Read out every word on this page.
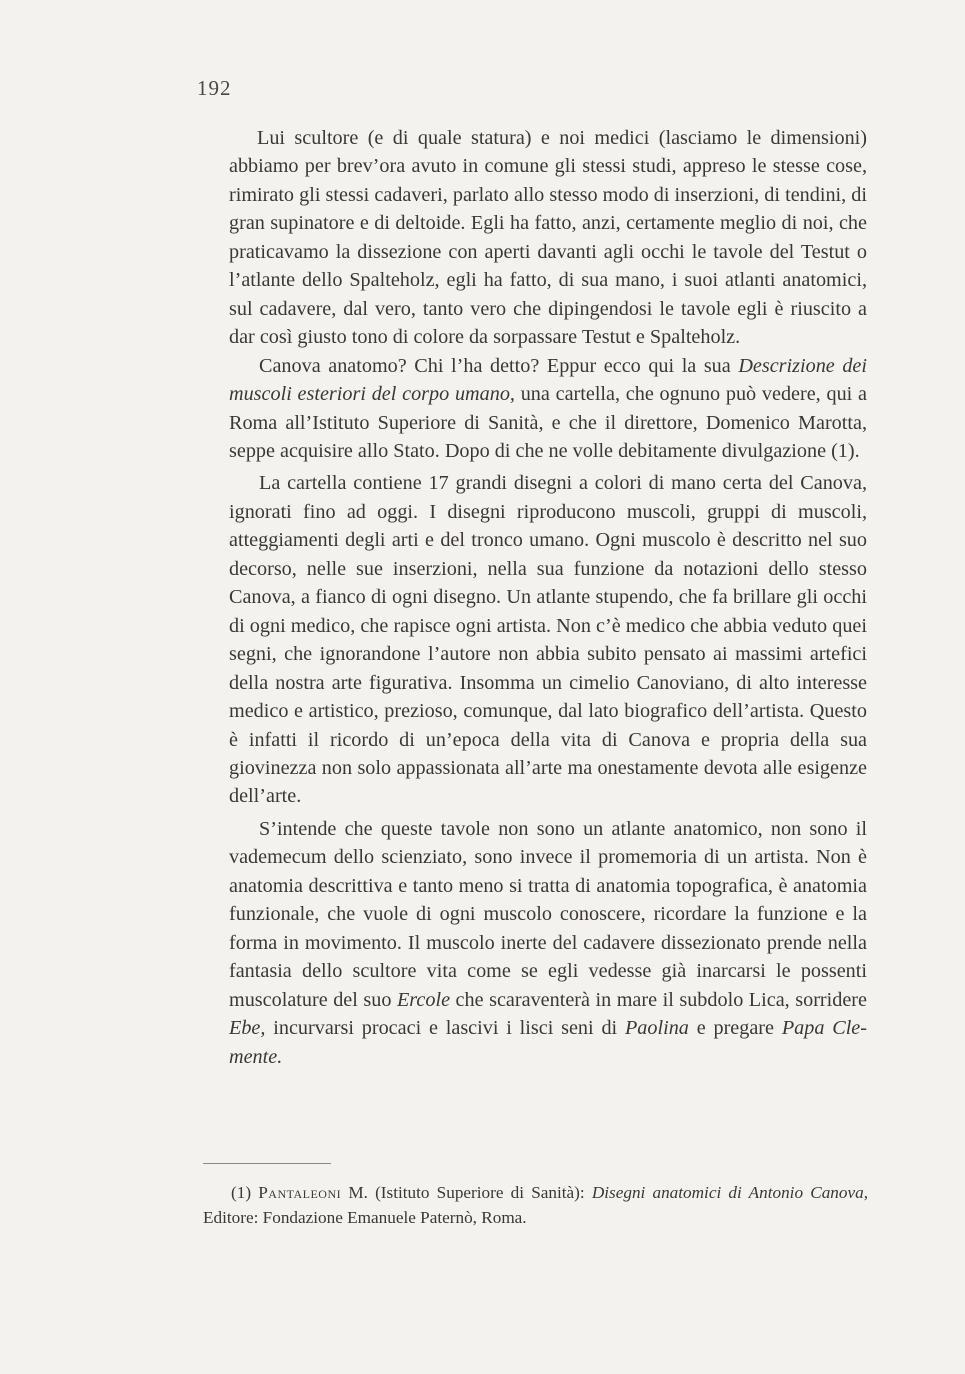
192

Lui scultore (e di quale statura) e noi medici (lasciamo le dimensioni) abbiamo per brev’ora avuto in comune gli stessi studi, appreso le stesse cose, rimirato gli stessi cadaveri, parlato allo stesso modo di inserzioni, di tendini, di gran supinatore e di deltoide. Egli ha fatto, anzi, certamente meglio di noi, che praticavamo la dissezione con aperti davanti agli occhi le tavole del Testut o l’atlante dello Spalteholz, egli ha fatto, di sua mano, i suoi atlanti anatomici, sul cadavere, dal vero, tanto vero che dipingendosi le tavole egli è riuscito a dar così giusto tono di colore da sorpassare Testut e Spalteholz.

Canova anatomo? Chi l’ha detto? Eppur ecco qui la sua Descrizione dei muscoli esteriori del corpo umano, una cartella, che ognuno può vedere, qui a Roma all’Istituto Superiore di Sanità, e che il direttore, Domenico Marotta, seppe acquisire allo Stato. Dopo di che ne volle debitamente divulgazione (1).

La cartella contiene 17 grandi disegni a colori di mano certa del Canova, ignorati fino ad oggi. I disegni riproducono muscoli, gruppi di muscoli, atteggiamenti degli arti e del tronco umano. Ogni muscolo è descritto nel suo decorso, nelle sue inserzioni, nella sua funzione da notazioni dello stesso Canova, a fianco di ogni disegno. Un atlante stupendo, che fa brillare gli occhi di ogni medico, che rapisce ogni artista. Non c’è medico che abbia veduto quei segni, che ignorandone l’autore non abbia subito pensato ai massimi artefici della nostra arte figurativa. Insomma un cimelio Canoviano, di alto interesse medico e artistico, prezioso, comunque, dal lato biografico dell’artista. Questo è infatti il ricordo di un’epoca della vita di Canova e propria della sua giovinezza non solo appassionata all’arte ma onestamente devota alle esigenze dell’arte.

S’intende che queste tavole non sono un atlante anatomico, non sono il vademecum dello scienziato, sono invece il promemoria di un artista. Non è anatomia descrittiva e tanto meno si tratta di anatomia topografica, è anatomia funzionale, che vuole di ogni muscolo conoscere, ricordare la funzione e la forma in movimento. Il muscolo inerte del cadavere dissezionato prende nella fantasia dello scultore vita come se egli vedesse già inarcarsi le possenti muscolature del suo Ercole che scaraventerà in mare il subdolo Lica, sorridere Ebe, incurvarsi procaci e lascivi i lisci seni di Paolina e pregare Papa Clemente.

(1) Pantaleoni M. (Istituto Superiore di Sanità): Disegni anatomici di Antonio Canova, Editore: Fondazione Emanuele Paternò, Roma.
